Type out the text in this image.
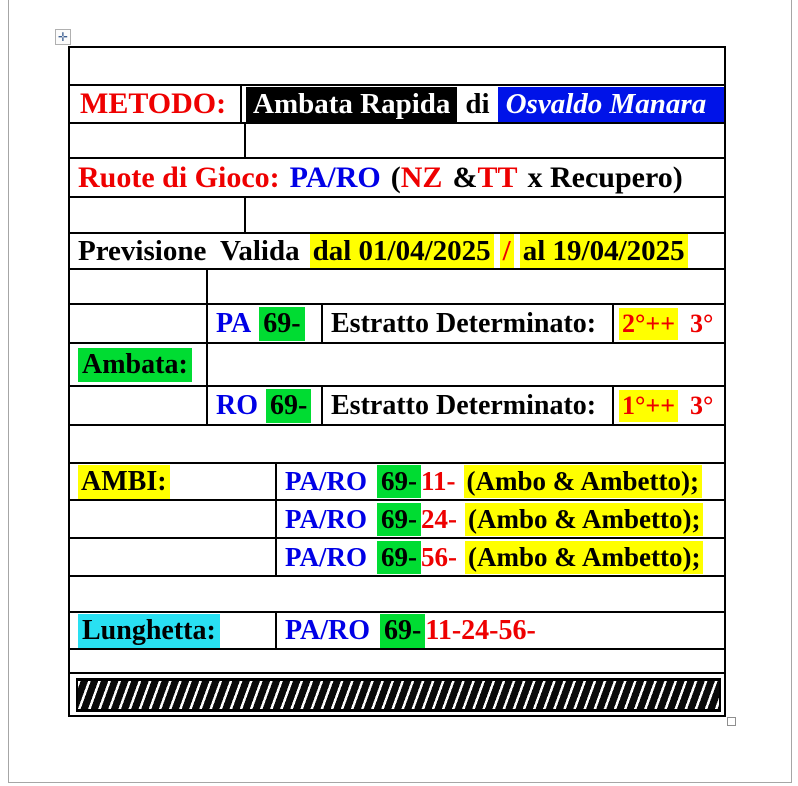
✛
METODO: Ambata Rapida di Osvaldo Manara
Ruote di Gioco: PA/RO ( NZ & TT x Recupero)
Previsione Valida dal 01/04/2025 / al 19/04/2025
PA 69- Estratto Determinato: 2°++ 3°
Ambata:
RO 69- Estratto Determinato: 1°++ 3°
AMBI:	PA/RO 69- 11- (Ambo & Ambetto);
PA/RO 69- 24- (Ambo & Ambetto);
PA/RO 69- 56- (Ambo & Ambetto);
Lunghetta: PA/RO 69- 11-24-56-
